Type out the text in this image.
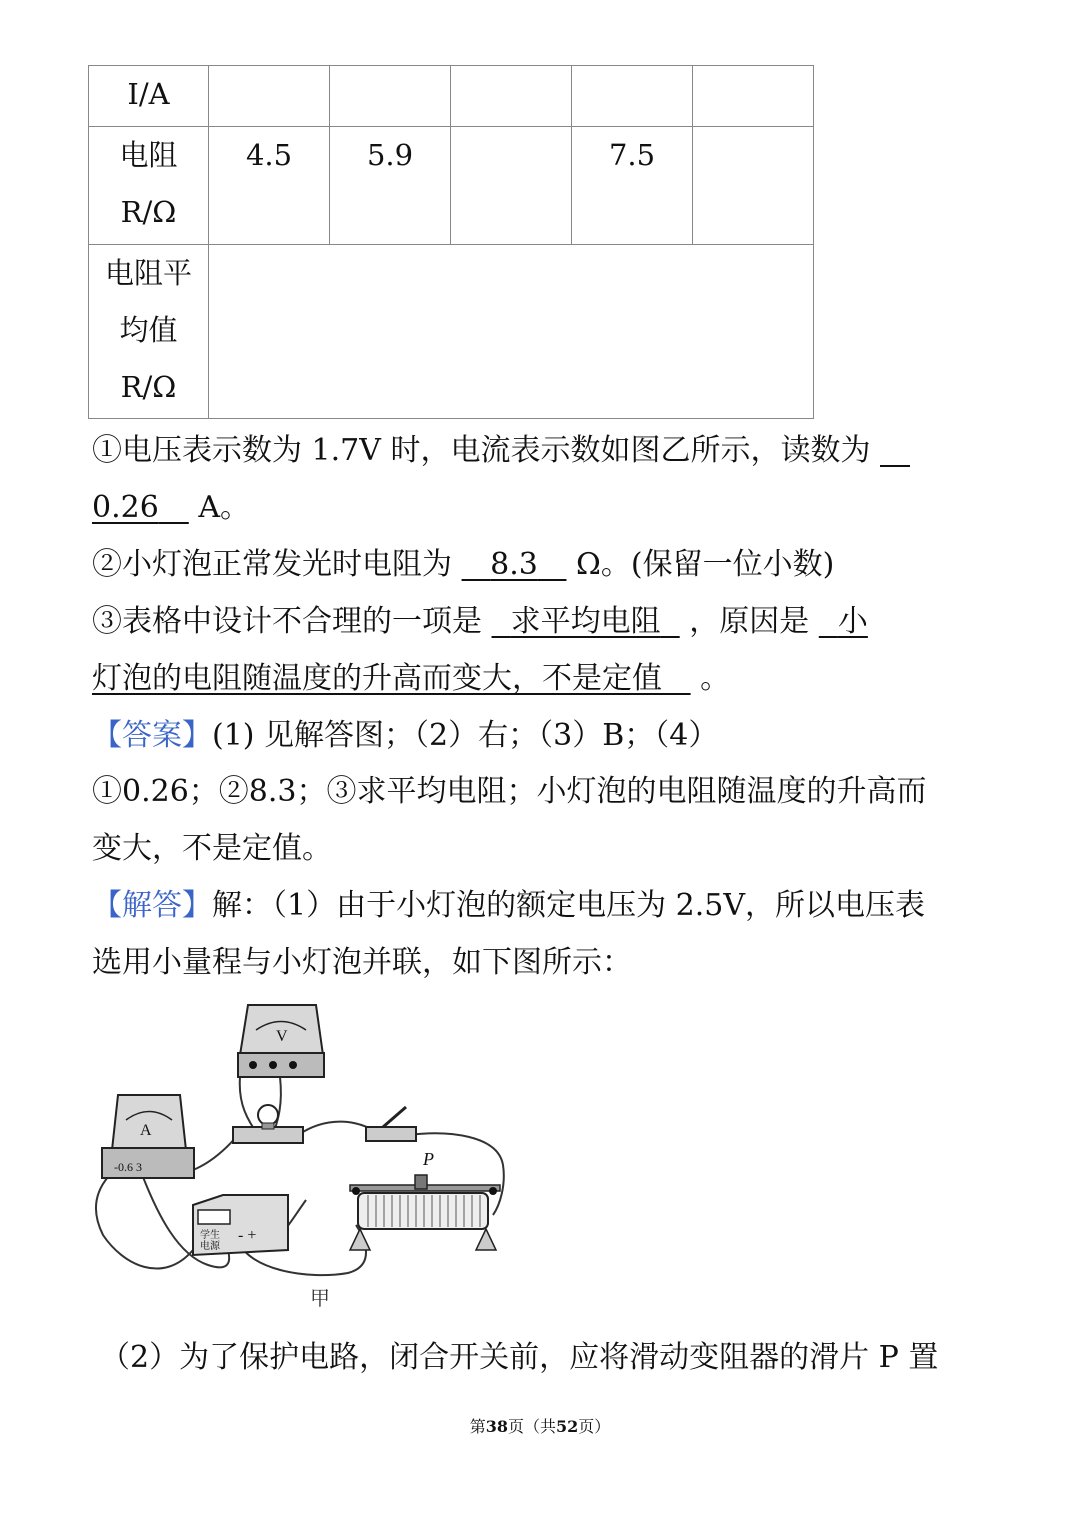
I/A					

电阻
R/Ω	4.5	5.9		7.5	

电阻平
均值
R/Ω					

①电压表示数为 1.7V 时，电流表示数如图乙所示，读数为 __
0.26 A。
②小灯泡正常发光时电阻为 8.3 Ω。(保留一位小数)
③表格中设计不合理的一项是 求平均电阻 ，原因是 小
灯泡的电阻随温度的升高而变大，不是定值 。
【答案】(1) 见解答图；（2）右；（3）B；（4）
①0.26；②8.3；③求平均电阻；小灯泡的电阻随温度的升高而
变大，不是定值。
【解答】解：（1）由于小灯泡的额定电压为 2.5V，所以电压表
选用小量程与小灯泡并联，如下图所示：
V
A
-0.6 3
学生
电源
- +
P
甲
（2）为了保护电路，闭合开关前，应将滑动变阻器的滑片 P 置
第38页（共52页）
